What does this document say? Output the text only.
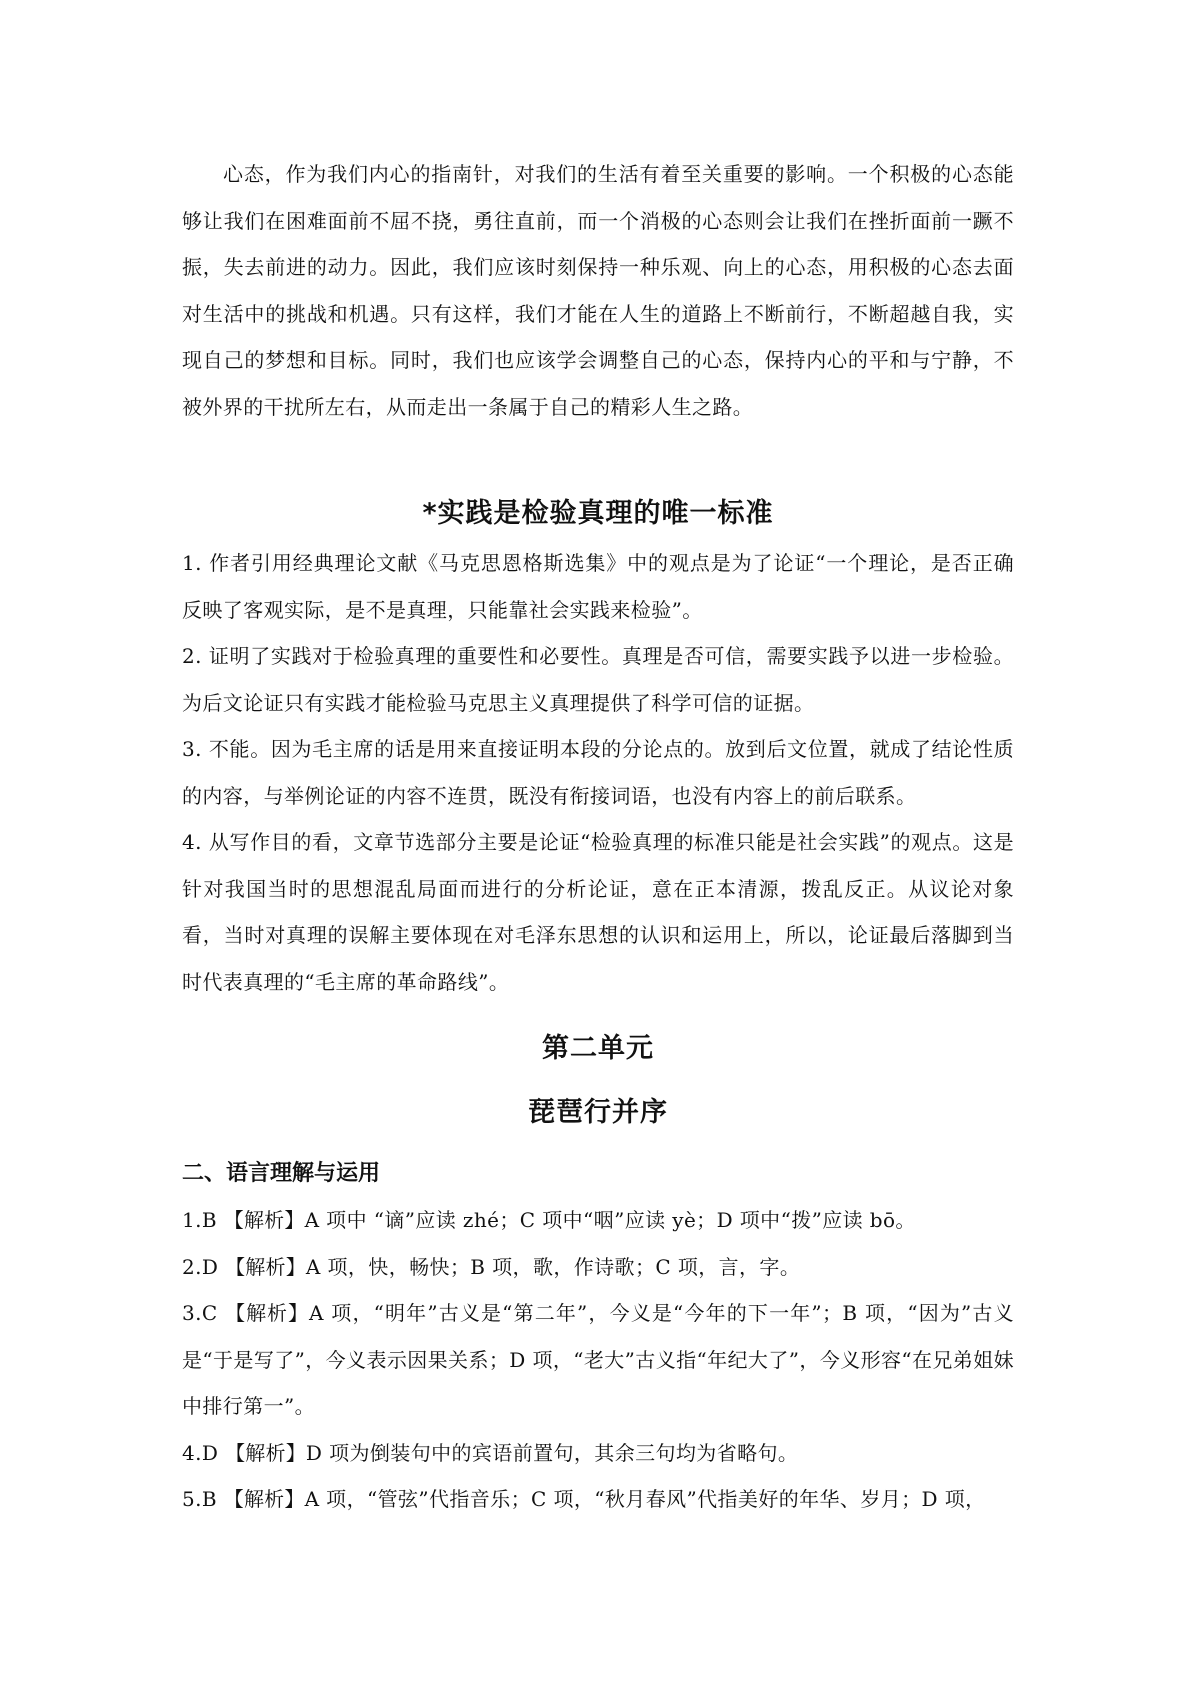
心态，作为我们内心的指南针，对我们的生活有着至关重要的影响。一个积极的心态能够让我们在困难面前不屈不挠，勇往直前，而一个消极的心态则会让我们在挫折面前一蹶不振，失去前进的动力。因此，我们应该时刻保持一种乐观、向上的心态，用积极的心态去面对生活中的挑战和机遇。只有这样，我们才能在人生的道路上不断前行，不断超越自我，实现自己的梦想和目标。同时，我们也应该学会调整自己的心态，保持内心的平和与宁静，不被外界的干扰所左右，从而走出一条属于自己的精彩人生之路。

*实践是检验真理的唯一标准

1. 作者引用经典理论文献《马克思恩格斯选集》中的观点是为了论证“一个理论，是否正确反映了客观实际，是不是真理，只能靠社会实践来检验”。

2. 证明了实践对于检验真理的重要性和必要性。真理是否可信，需要实践予以进一步检验。为后文论证只有实践才能检验马克思主义真理提供了科学可信的证据。

3. 不能。因为毛主席的话是用来直接证明本段的分论点的。放到后文位置，就成了结论性质的内容，与举例论证的内容不连贯，既没有衔接词语，也没有内容上的前后联系。

4. 从写作目的看，文章节选部分主要是论证“检验真理的标准只能是社会实践”的观点。这是针对我国当时的思想混乱局面而进行的分析论证，意在正本清源，拨乱反正。从议论对象看，当时对真理的误解主要体现在对毛泽东思想的认识和运用上，所以，论证最后落脚到当时代表真理的“毛主席的革命路线”。

第二单元
琵琶行并序
二、语言理解与运用

1.B 【解析】A 项中 “谪”应读 zhé；C 项中“咽”应读 yè；D 项中“拨”应读 bō。

2.D 【解析】A 项，快，畅快；B 项，歌，作诗歌；C 项，言，字。

3.C 【解析】A 项，“明年”古义是“第二年”，今义是“今年的下一年”；B 项，“因为”古义是“于是写了”，今义表示因果关系；D 项，“老大”古义指“年纪大了”，今义形容“在兄弟姐妹中排行第一”。

4.D 【解析】D 项为倒装句中的宾语前置句，其余三句均为省略句。

5.B 【解析】A 项，“管弦”代指音乐；C 项，“秋月春风”代指美好的年华、岁月；D 项，
